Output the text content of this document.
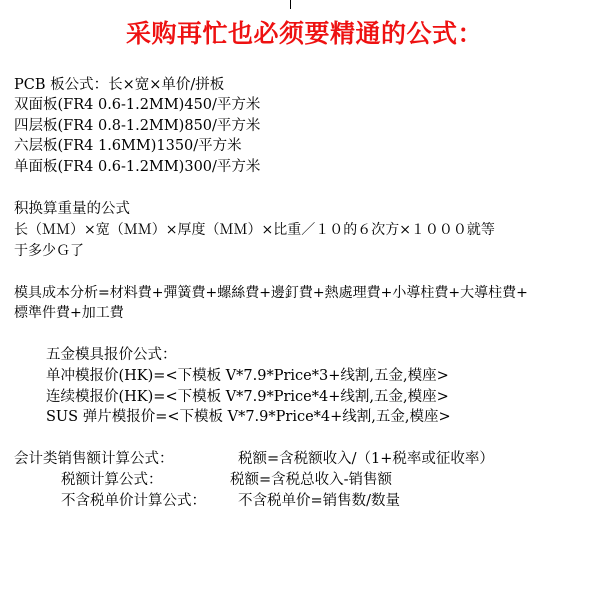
采购再忙也必须要精通的公式：
PCB 板公式：长×宽×单价/拼板
双面板(FR4 0.6-1.2MM)450/平方米
四层板(FR4 0.8-1.2MM)850/平方米
六层板(FR4 1.6MM)1350/平方米
单面板(FR4 0.6-1.2MM)300/平方米
积换算重量的公式
长（ＭＭ）×宽（ＭＭ）×厚度（ＭＭ）×比重／１０的６次方×１０００就等
于多少Ｇ了
模具成本分析=材料費+彈簧費+螺絲費+邊釘費+熱處理費+小導柱費+大導柱費+
標準件費+加工費
五金模具报价公式：
单冲模报价(HK)=<下模板 V*7.9*Price*3+线割,五金,模座>
连续模报价(HK)=<下模板 V*7.9*Price*4+线割,五金,模座>
SUS 弹片模报价=<下模板 V*7.9*Price*4+线割,五金,模座>
会计类销售额计算公式：	税额=含税额收入/（1+税率或征收率）
税额计算公式：	税额=含税总收入-销售额
不含税单价计算公式： 不含税单价=销售数/数量
